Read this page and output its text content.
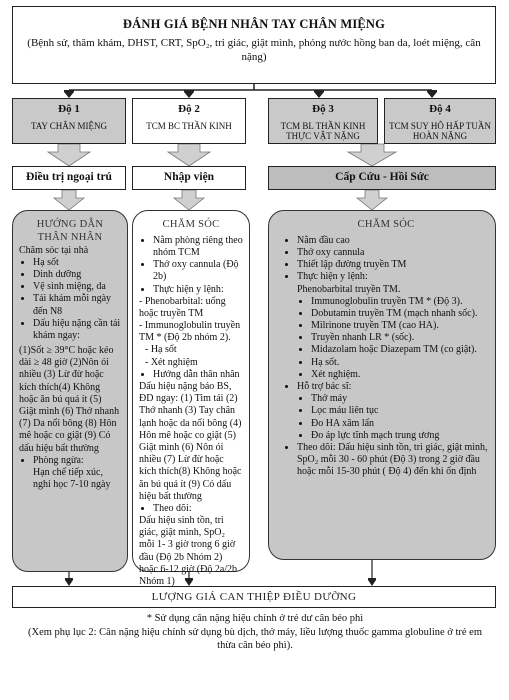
ĐÁNH GIÁ BỆNH NHÂN TAY CHÂN MIỆNG
(Bệnh sử, thăm khám, DHST, CRT, SpO₂, tri giác, giật mình, phỏng nước hồng ban da, loét miệng, cân nặng)
Độ 1
TAY CHÂN MIỆNG
Độ 2
TCM BC THẦN KINH
Độ 3
TCM BL THẦN KINH THỰC VẬT NẶNG
Độ 4
TCM SUY HÔ HẤP TUẦN HOÀN NẶNG
Điều trị ngoại trú	Nhập viện	Cấp Cứu - Hồi Sức
HƯỚNG DẪN
THÂN NHÂN

Chăm sóc tại nhà

• Hạ sốt
• Dinh dưỡng
• Vệ sinh miệng, da
• Tái khám mỗi ngày đến N8
• Dấu hiệu nặng cần tái khám ngay:

(1)Sốt ≥ 39°C hoặc kéo dài ≥ 48 giờ (2)Nôn ói nhiều (3) Lừ đừ hoặc kích thích(4) Không hoặc ăn bú quá ít (5) Giật mình (6) Thở nhanh (7) Da nổi bông (8) Hôn mê hoặc co giật (9) Có dấu hiệu bất thường

• Phòng ngừa:

Hạn chế tiếp xúc, nghỉ học 7-10 ngày

CHĂM SÓC
• Nằm phòng riêng theo nhóm TCM
• Thở oxy cannula (Độ 2b)
• Thực hiện y lệnh:

- Phenobarbital: uống hoặc truyền TM

- Immunoglobulin truyền TM * (Độ 2b nhóm 2).

- Hạ sốt

- Xét nghiệm

• Hướng dẫn thân nhân

Dấu hiệu nặng báo BS, ĐD ngay: (1) Tim tái (2) Thở nhanh (3) Tay chân lạnh hoặc da nổi bông (4) Hôn mê hoặc co giật (5) Giật mình (6) Nôn ói nhiều (7) Lừ đừ hoặc kích thích(8) Không hoặc ăn bú quá ít (9) Có dấu hiệu bất thường

• Theo dõi:

Dấu hiệu sinh tồn, tri giác, giật mình, SpO₂ mỗi 1- 3 giờ trong 6 giờ đầu (Độ 2b Nhóm 2) hoặc 6-12 giờ (Độ 2a/2b Nhóm 1)

CHĂM SÓC
• Nằm đầu cao
• Thở oxy cannula
• Thiết lập đường truyền TM
• Thực hiện y lệnh:
Phenobarbital truyền TM.
• Immunoglobulin truyền TM * (Độ 3).
• Dobutamin truyền TM (mạch nhanh sốc).
• Milrinone truyền TM (cao HA).
• Truyền nhanh LR * (sốc).
• Midazolam hoặc Diazepam TM (co giật).
• Hạ sốt.
• Xét nghiệm.
• Hỗ trợ bác sĩ:
• Thở máy
• Lọc máu liên tục
• Đo HA xâm lấn
• Đo áp lực tĩnh mạch trung ương
• Theo dõi: Dấu hiệu sinh tồn, tri giác, giật mình, SpO₂ mỗi 30 - 60 phút (Độ 3) trong 2 giờ đầu hoặc mỗi 15-30 phút ( Độ 4) đến khi ổn định
LƯỢNG GIÁ CAN THIỆP ĐIỀU DƯỠNG
* Sử dụng cân nặng hiệu chỉnh ở trẻ dư cân béo phì
(Xem phụ lục 2: Cân nặng hiệu chỉnh sử dụng bù dịch, thở máy, liều lượng thuốc gamma globuline ở trẻ em thừa cân béo phì).
